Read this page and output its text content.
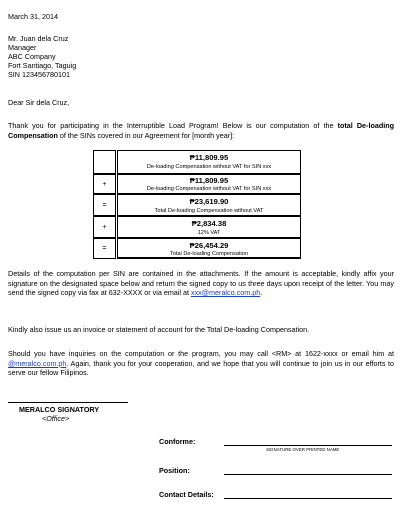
March 31, 2014
Mr. Juan dela Cruz
Manager
ABC Company
Fort Santiago, Taguig
SIN 123456780101
Dear Sir dela Cruz,
Thank you for participating in the Interruptible Load Program! Below is our computation of the total De-loading Compensation of the SINs covered in our Agreement for [month year]:
+
=
+
=
₱11,809.95
De-loading Compensation without VAT for SIN xxx
₱11,809.95
De-loading Compensation without VAT for SIN xxx
₱23,619.90
Total De-loading Compensation without VAT
₱2,834.38
12% VAT
₱26,454.29
Total De-loading Compensation
Details of the computation per SIN are contained in the attachments. If the amount is acceptable, kindly affix your signature on the designated space below and return the signed copy to us three days upon receipt of the letter. You may send the signed copy via fax at 632-XXXX or via email at xxx@meralco.com.ph.
Kindly also issue us an invoice or statement of account for the Total De-loading Compensation.
Should you have inquiries on the computation or the program, you may call <RM> at 1622-xxxx or email him at @meralco.com.ph. Again, thank you for your cooperation, and we hope that you will continue to join us in our efforts to serve our fellow Filipinos.
MERALCO SIGNATORY
<Office>
Conforme:
SIGNATURE OVER PRINTED NAME
Position:
Contact Details:
